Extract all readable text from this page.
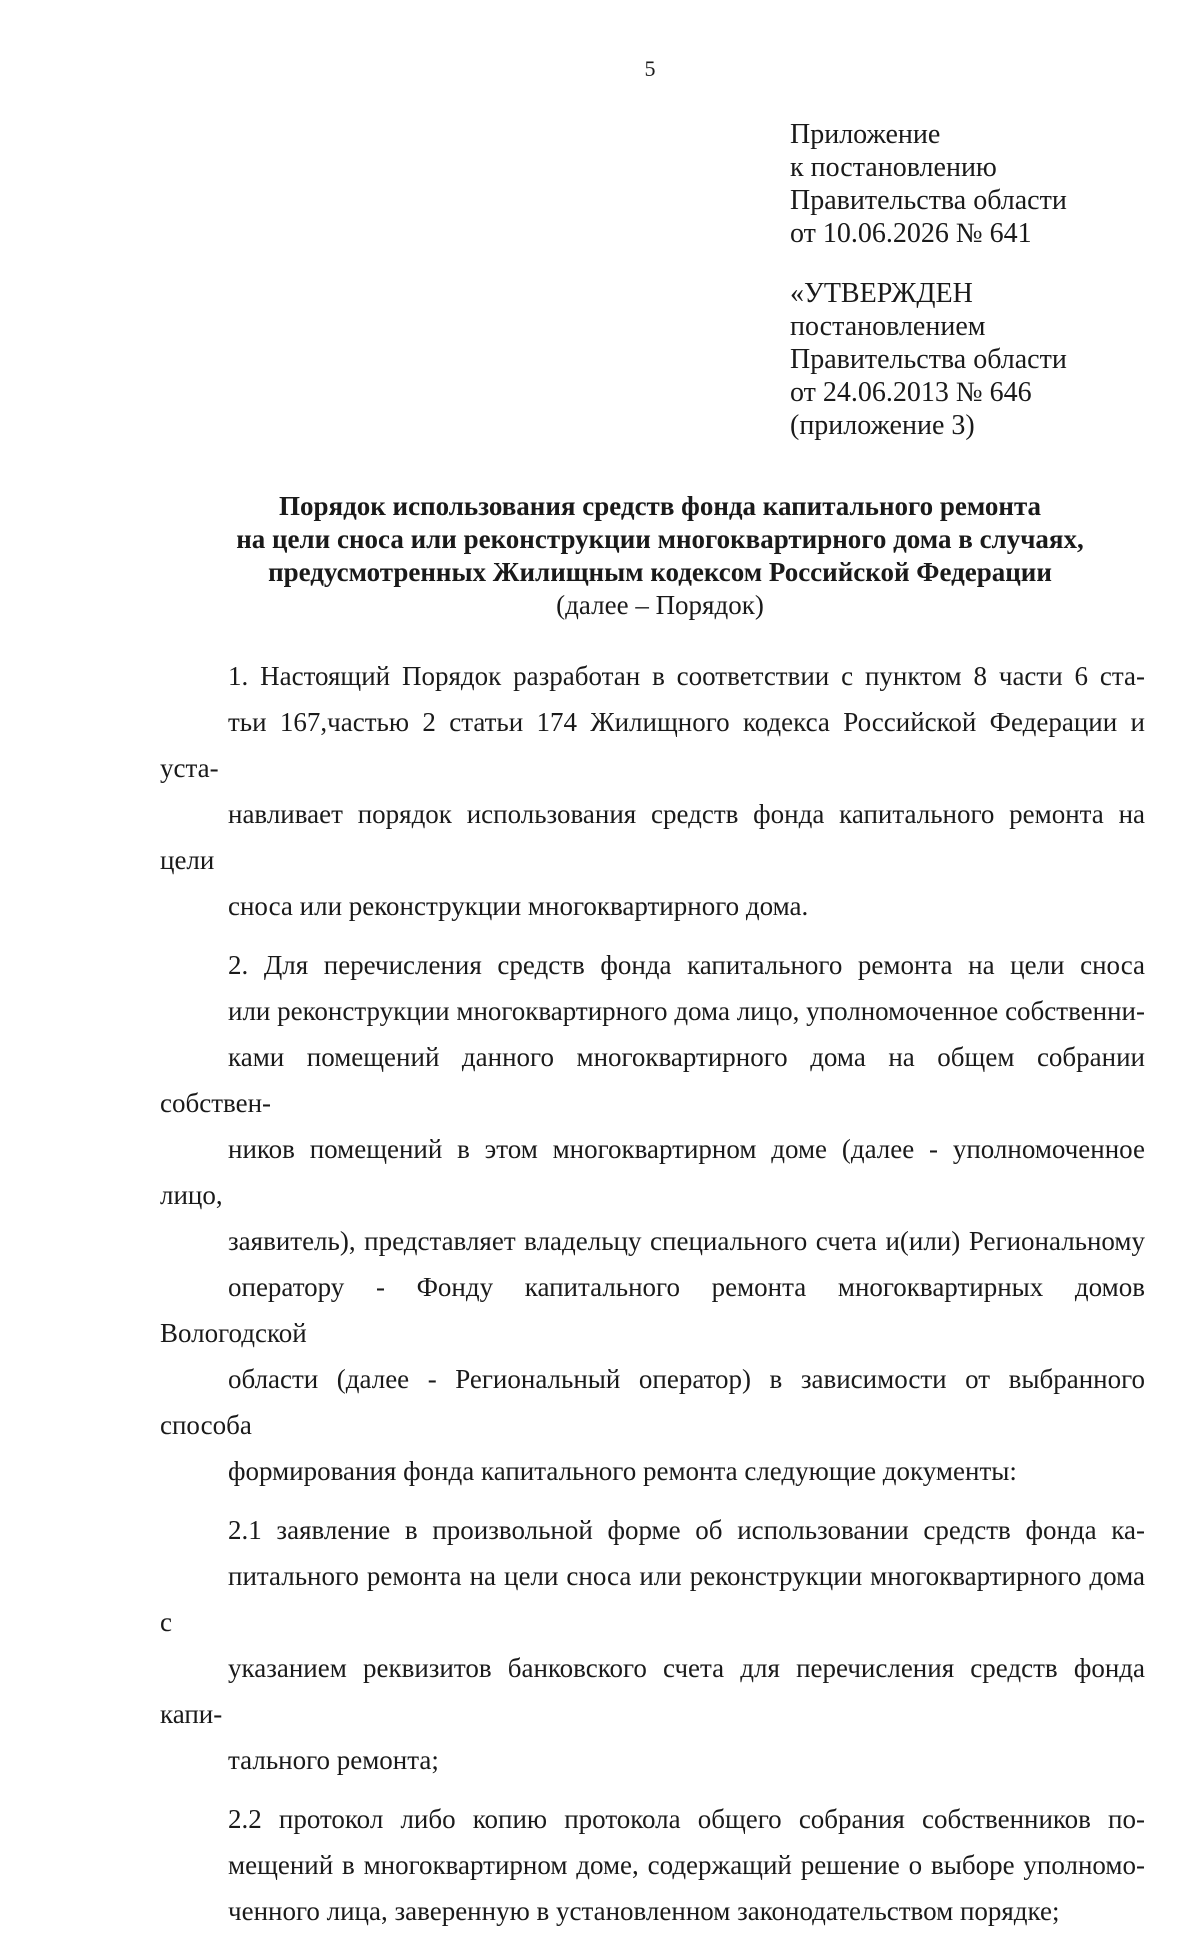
5
Приложение
к постановлению
Правительства области
от 10.06.2026 № 641
«УТВЕРЖДЕН
постановлением
Правительства области
от 24.06.2013 № 646
(приложение 3)
Порядок использования средств фонда капитального ремонта
на цели сноса или реконструкции многоквартирного дома в случаях,
предусмотренных Жилищным кодексом Российской Федерации
(далее – Порядок)
1. Настоящий Порядок разработан в соответствии с пунктом 8 части 6 ста-
тьи 167,частью 2 статьи 174 Жилищного кодекса Российской Федерации и уста-
навливает порядок использования средств фонда капитального ремонта на цели
сноса или реконструкции многоквартирного дома.
2. Для перечисления средств фонда капитального ремонта на цели сноса
или реконструкции многоквартирного дома лицо, уполномоченное собственни-
ками помещений данного многоквартирного дома на общем собрании собствен-
ников помещений в этом многоквартирном доме (далее - уполномоченное лицо,
заявитель), представляет владельцу специального счета и(или) Региональному
оператору - Фонду капитального ремонта многоквартирных домов Вологодской
области (далее - Региональный оператор) в зависимости от выбранного способа
формирования фонда капитального ремонта следующие документы:
2.1 заявление в произвольной форме об использовании средств фонда ка-
питального ремонта на цели сноса или реконструкции многоквартирного дома с
указанием реквизитов банковского счета для перечисления средств фонда капи-
тального ремонта;
2.2 протокол либо копию протокола общего собрания собственников по-
мещений в многоквартирном доме, содержащий решение о выборе уполномо-
ченного лица, заверенную в установленном законодательством порядке;
